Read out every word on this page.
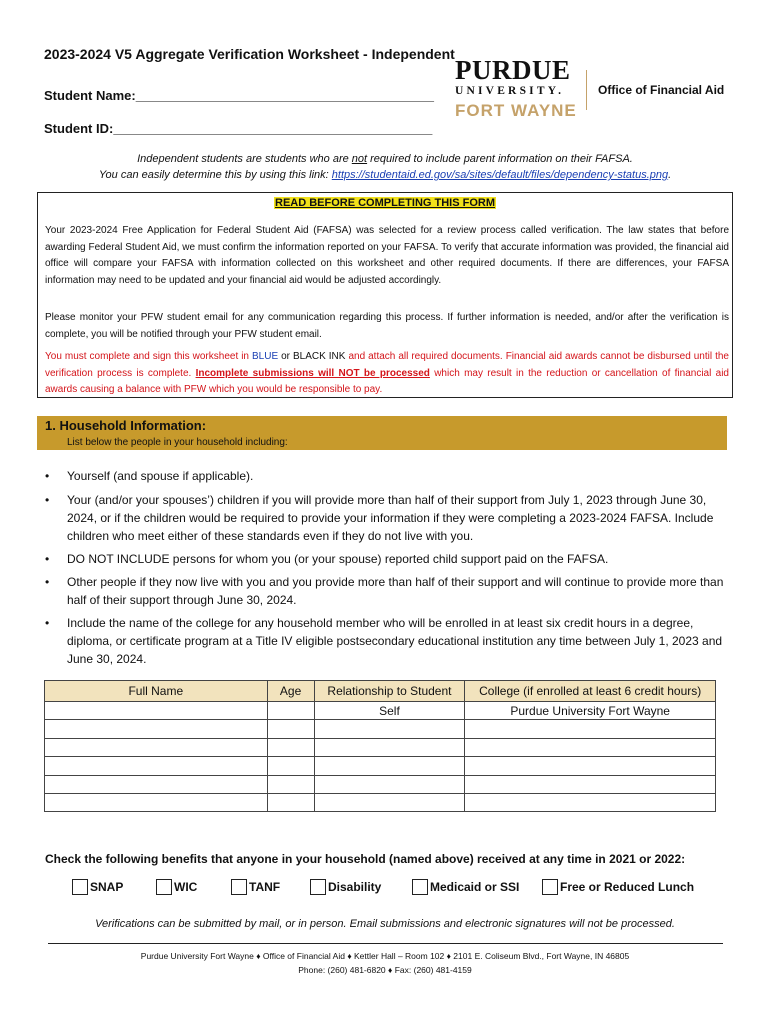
2023-2024 V5 Aggregate Verification Worksheet - Independent
Student Name:___________________________________________
Student ID:______________________________________________
PURDUE
UNIVERSITY.
FORT WAYNE
Office of Financial Aid
Independent students are students who are not required to include parent information on their FAFSA.
You can easily determine this by using this link: https://studentaid.ed.gov/sa/sites/default/files/dependency-status.png.
READ BEFORE COMPLETING THIS FORM
Your 2023-2024 Free Application for Federal Student Aid (FAFSA) was selected for a review process called verification. The law states that before awarding Federal Student Aid, we must confirm the information reported on your FAFSA. To verify that accurate information was provided, the financial aid office will compare your FAFSA with information collected on this worksheet and other required documents. If there are differences, your FAFSA information may need to be updated and your financial aid would be adjusted accordingly.
Please monitor your PFW student email for any communication regarding this process. If further information is needed, and/or after the verification is complete, you will be notified through your PFW student email.
You must complete and sign this worksheet in BLUE or BLACK INK and attach all required documents. Financial aid awards cannot be disbursed until the verification process is complete. Incomplete submissions will NOT be processed which may result in the reduction or cancellation of financial aid awards causing a balance with PFW which you would be responsible to pay.
1. Household Information:
List below the people in your household including:
• Yourself (and spouse if applicable).
• Your (and/or your spouses’) children if you will provide more than half of their support from July 1, 2023 through June 30, 2024, or if the children would be required to provide your information if they were completing a 2023-2024 FAFSA. Include children who meet either of these standards even if they do not live with you.
• DO NOT INCLUDE persons for whom you (or your spouse) reported child support paid on the FAFSA.
• Other people if they now live with you and you provide more than half of their support and will continue to provide more than half of their support through June 30, 2024.
• Include the name of the college for any household member who will be enrolled in at least six credit hours in a degree, diploma, or certificate program at a Title IV eligible postsecondary educational institution any time between July 1, 2023 and June 30, 2024.
Full Name	Age	Relationship to Student	College (if enrolled at least 6 credit hours)
		Self	Purdue University Fort Wayne

Check the following benefits that anyone in your household (named above) received at any time in 2021 or 2022:
SNAP	WIC	TANF	Disability	Medicaid or SSI	Free or Reduced Lunch
Verifications can be submitted by mail, or in person. Email submissions and electronic signatures will not be processed.
Purdue University Fort Wayne ♦ Office of Financial Aid ♦ Kettler Hall – Room 102 ♦ 2101 E. Coliseum Blvd., Fort Wayne, IN 46805
Phone: (260) 481-6820 ♦ Fax: (260) 481-4159
